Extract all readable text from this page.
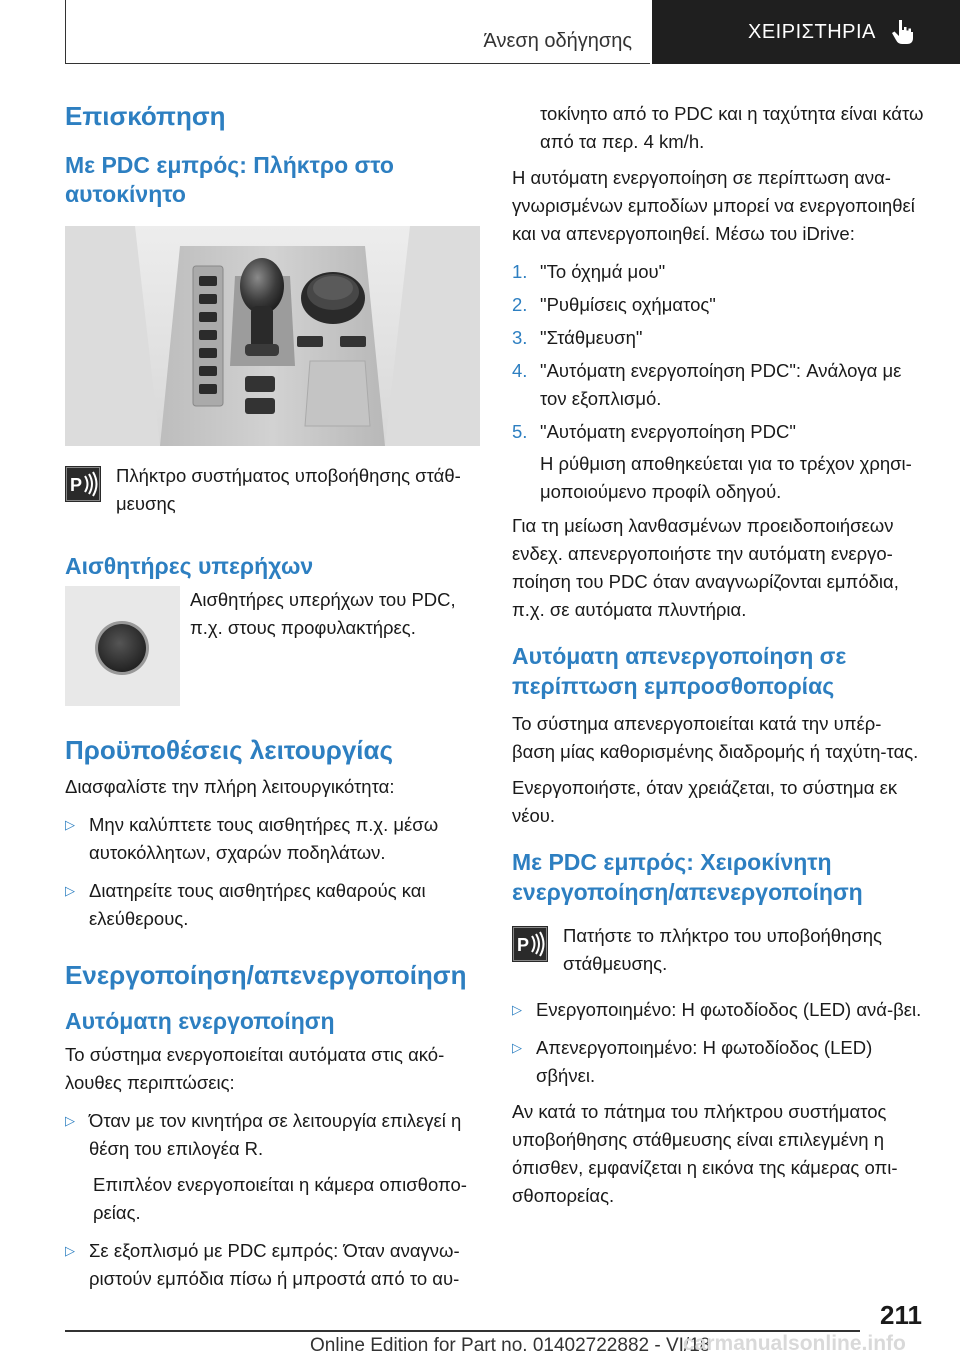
Άνεση οδήγησης	ΧΕΙΡΙΣΤΗΡΙΑ
Επισκόπηση
Με PDC εμπρός: Πλήκτρο στο αυτοκίνητο
P Πλήκτρο συστήματος υποβοήθησης στάθ‐μευσης
Αισθητήρες υπερήχων
Αισθητήρες υπερήχων του PDC, π.χ. στους προφυλακτήρες.
Προϋποθέσεις λειτουργίας

Διασφαλίστε την πλήρη λειτουργικότητα:

▷ Μην καλύπτετε τους αισθητήρες π.χ. μέσω αυτοκόλλητων, σχαρών ποδηλάτων.
▷ Διατηρείτε τους αισθητήρες καθαρούς και ελεύθερους.
Ενεργοποίηση/απενεργοποίηση
Αυτόματη ενεργοποίηση

Το σύστημα ενεργοποιείται αυτόματα στις ακό‐λουθες περιπτώσεις:

▷ Όταν με τον κινητήρα σε λειτουργία επιλεγεί η θέση του επιλογέα R.

Επιπλέον ενεργοποιείται η κάμερα οπισθοπο‐ρείας.

▷ Σε εξοπλισμό με PDC εμπρός: Όταν αναγνω‐ριστούν εμπόδια πίσω ή μπροστά από το αυ‐

τοκίνητο από το PDC και η ταχύτητα είναι κάτω από τα περ. 4 km/h.

Η αυτόματη ενεργοποίηση σε περίπτωση ανα‐γνωρισμένων εμποδίων μπορεί να ενεργοποιηθεί και να απενεργοποιηθεί. Μέσω του iDrive:

1. "Το όχημά μου"
2. "Ρυθμίσεις οχήματος"
3. "Στάθμευση"
4. "Αυτόματη ενεργοποίηση PDC": Ανάλογα με τον εξοπλισμό.
5. "Αυτόματη ενεργοποίηση PDC"

Η ρύθμιση αποθηκεύεται για το τρέχον χρησι‐μοποιούμενο προφίλ οδηγού.

Για τη μείωση λανθασμένων προειδοποιήσεων ενδεχ. απενεργοποιήστε την αυτόματη ενεργο‐ποίηση του PDC όταν αναγνωρίζονται εμπόδια, π.χ. σε αυτόματα πλυντήρια.

Αυτόματη απενεργοποίηση σε περίπτωση εμπροσθοπορίας

Το σύστημα απενεργοποιείται κατά την υπέρ‐βαση μίας καθορισμένης διαδρομής ή ταχύτη‐τας.

Ενεργοποιήστε, όταν χρειάζεται, το σύστημα εκ νέου.

Με PDC εμπρός: Χειροκίνητη ενεργοποίηση/απενεργοποίηση
P Πατήστε το πλήκτρο του υποβοήθησης στάθμευσης.
▷ Ενεργοποιημένο: Η φωτοδίοδος (LED) ανά‐βει.
▷ Απενεργοποιημένο: Η φωτοδίοδος (LED) σβήνει.

Αν κατά το πάτημα του πλήκτρου συστήματος υποβοήθησης στάθμευσης είναι επιλεγμένη η όπισθεν, εμφανίζεται η εικόνα της κάμερας οπι‐σθοπορείας.

211
Online Edition for Part no. 01402722882 - VI/18
carmanualsonline.info
